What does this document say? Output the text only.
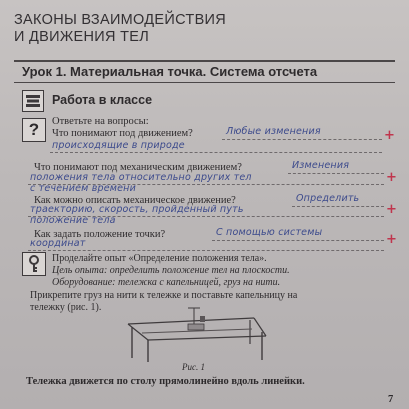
ЗАКОНЫ ВЗАИМОДЕЙСТВИЯ
И ДВИЖЕНИЯ ТЕЛ
Урок 1. Материальная точка. Система отсчета
Работа в классе
?	Ответьте на вопросы:
Что понимают под движением?	Любые изменения
происходящие в природе
+
Что понимают под механическим движением?	Изменения
положения тела относительно других тел
с течением времени
+
Как можно описать механическое движение?	Определить
траекторию, скорость, пройденный путь
положение тела
+
Как задать положение точки?	С помощью системы
координат	+
Проделайте опыт «Определение положения тела».
Цель опыта: определить положение тел на плоскости.
Оборудование: тележка с капельницей, груз на нити.
Прикрепите груз на нити к тележке и поставьте капельницу на
тележку (рис. 1).
Рис. 1
Тележка движется по столу прямолинейно вдоль линейки.
7
